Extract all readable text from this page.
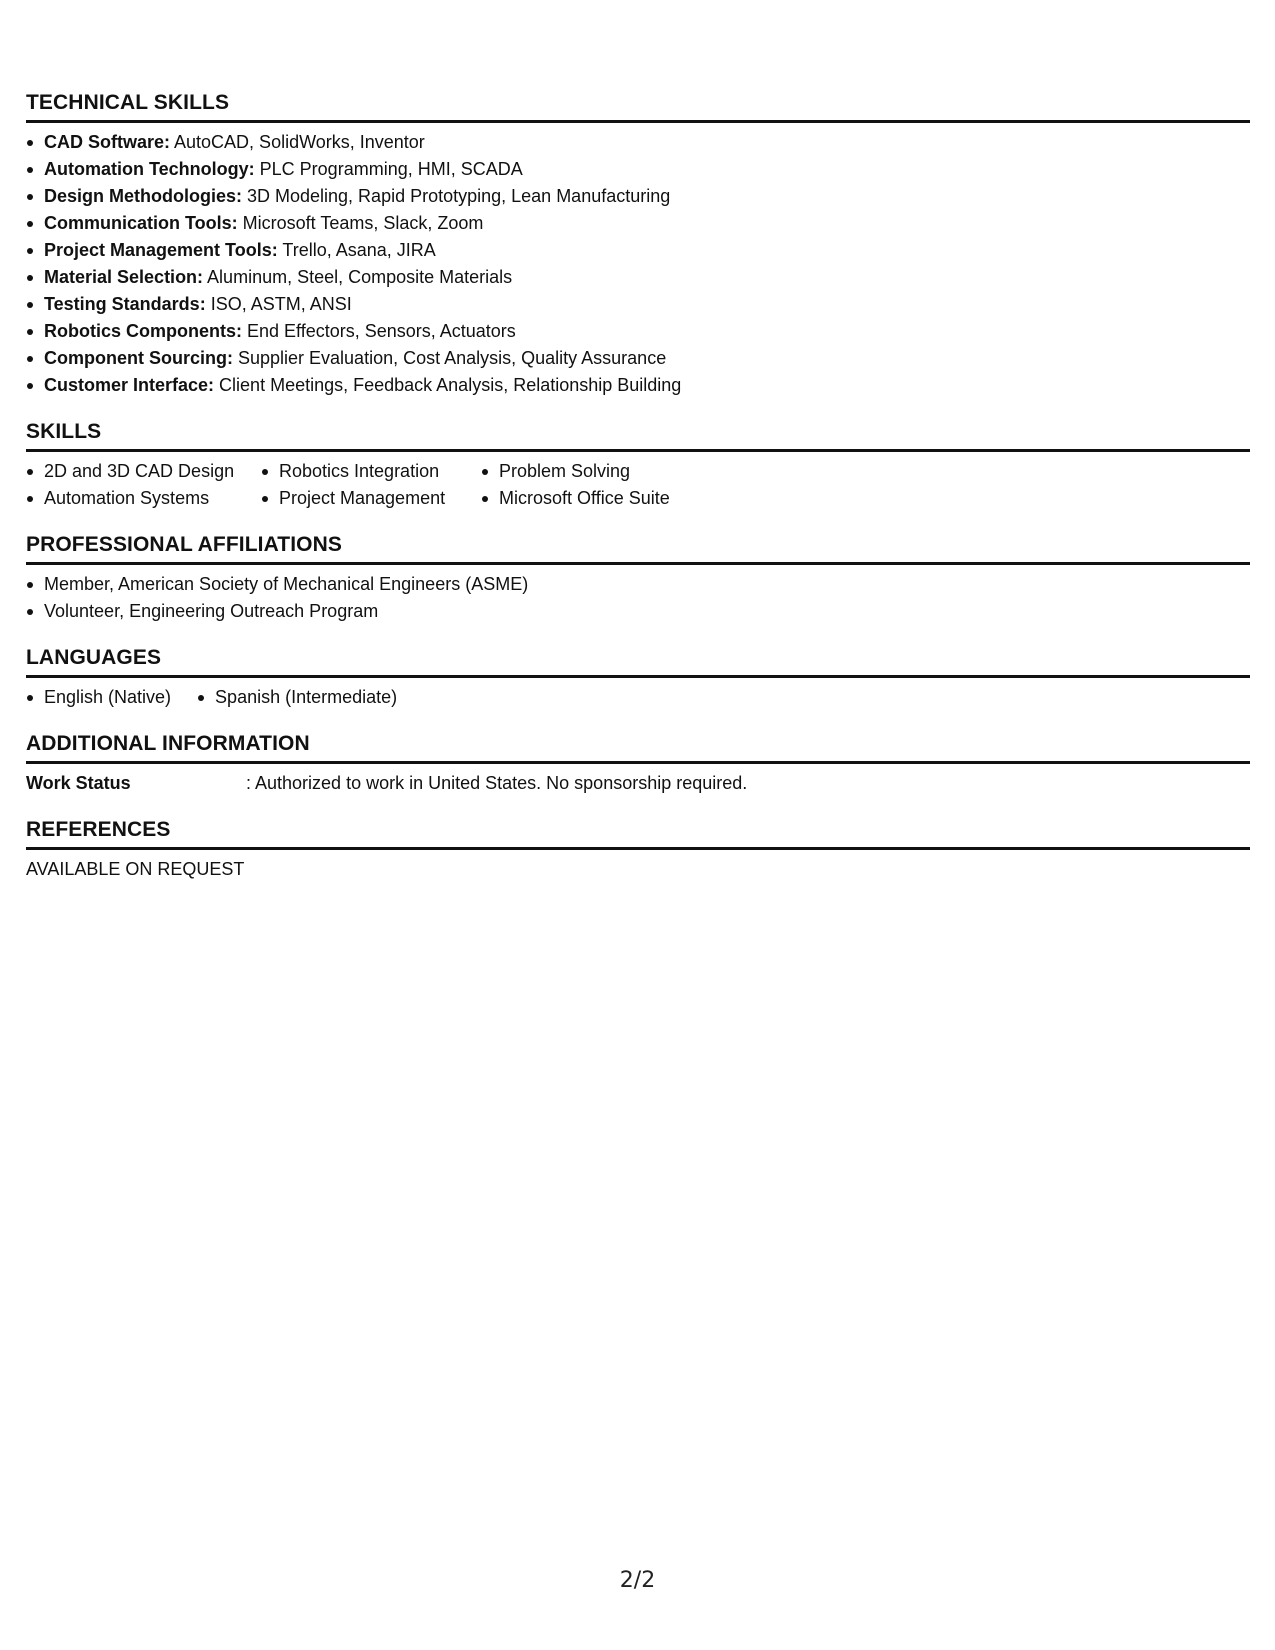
TECHNICAL SKILLS
CAD Software: AutoCAD, SolidWorks, Inventor
Automation Technology: PLC Programming, HMI, SCADA
Design Methodologies: 3D Modeling, Rapid Prototyping, Lean Manufacturing
Communication Tools: Microsoft Teams, Slack, Zoom
Project Management Tools: Trello, Asana, JIRA
Material Selection: Aluminum, Steel, Composite Materials
Testing Standards: ISO, ASTM, ANSI
Robotics Components: End Effectors, Sensors, Actuators
Component Sourcing: Supplier Evaluation, Cost Analysis, Quality Assurance
Customer Interface: Client Meetings, Feedback Analysis, Relationship Building
SKILLS
2D and 3D CAD Design
Automation Systems
Robotics Integration
Project Management
Problem Solving
Microsoft Office Suite
PROFESSIONAL AFFILIATIONS
Member, American Society of Mechanical Engineers (ASME)
Volunteer, Engineering Outreach Program
LANGUAGES
English (Native)	Spanish (Intermediate)
ADDITIONAL INFORMATION
Work Status	: Authorized to work in United States. No sponsorship required.
REFERENCES
AVAILABLE ON REQUEST
2/2
